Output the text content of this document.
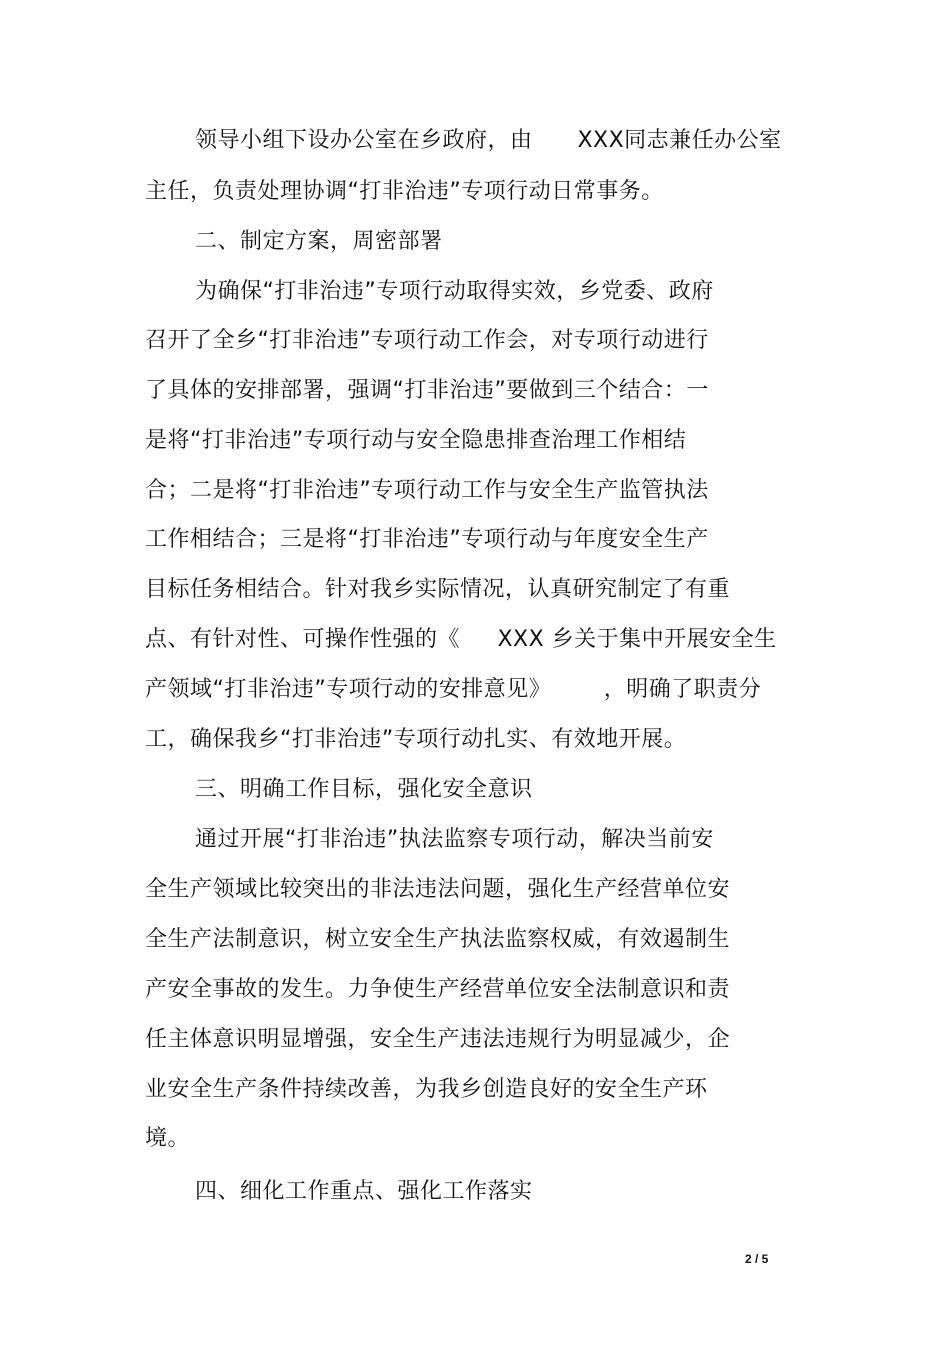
领导小组下设办公室在乡政府，由      XXX同志兼任办公室
主任，负责处理协调“打非治违”专项行动日常事务。
二、制定方案，周密部署
为确保“打非治违”专项行动取得实效，乡党委、政府
召开了全乡“打非治违”专项行动工作会，对专项行动进行
了具体的安排部署，强调“打非治违”要做到三个结合：一
是将“打非治违”专项行动与安全隐患排查治理工作相结
合；二是将“打非治违”专项行动工作与安全生产监管执法
工作相结合；三是将“打非治违”专项行动与年度安全生产
目标任务相结合。针对我乡实际情况，认真研究制定了有重
点、有针对性、可操作性强的《     XXX 乡关于集中开展安全生
产领域“打非治违”专项行动的安排意见》       ，明确了职责分
工，确保我乡“打非治违”专项行动扎实、有效地开展。
三、明确工作目标，强化安全意识
通过开展“打非治违”执法监察专项行动，解决当前安
全生产领域比较突出的非法违法问题，强化生产经营单位安
全生产法制意识，树立安全生产执法监察权威，有效遏制生
产安全事故的发生。力争使生产经营单位安全法制意识和责
任主体意识明显增强，安全生产违法违规行为明显减少，企
业安全生产条件持续改善，为我乡创造良好的安全生产环
境。
四、细化工作重点、强化工作落实
2 / 5
